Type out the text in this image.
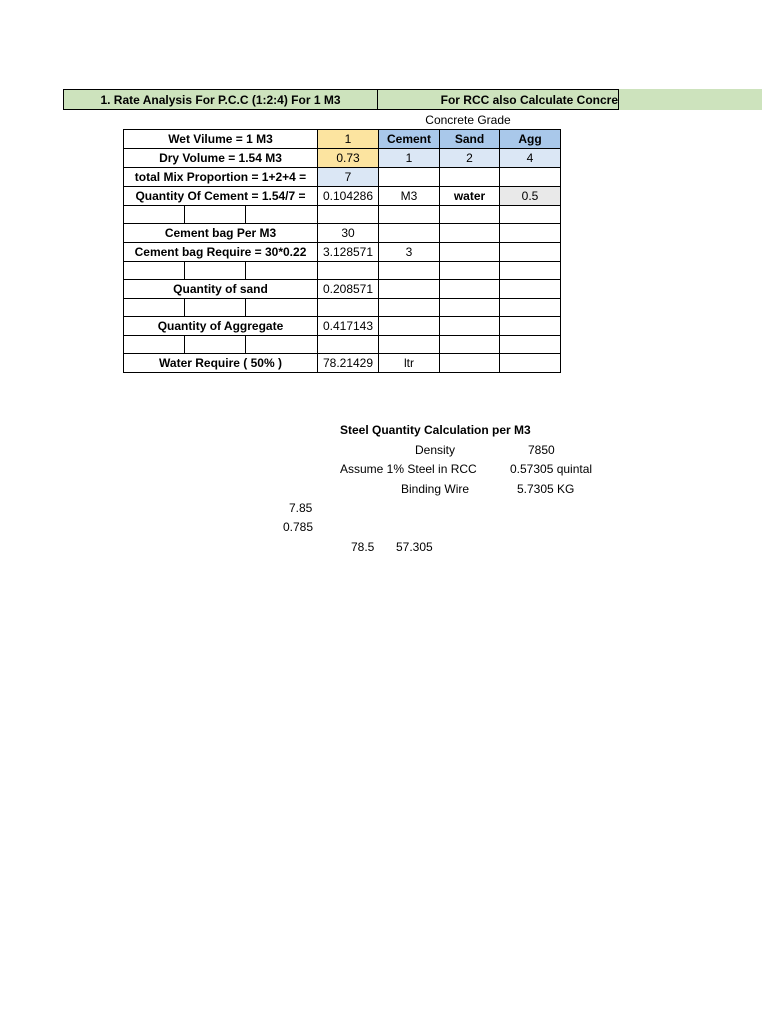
1. Rate Analysis For P.C.C (1:2:4) For 1 M3	For RCC also Calculate Concre
Concrete Grade
Wet Vilume = 1 M3			1	Cement	Sand	Agg
Dry Volume = 1.54 M3			0.73	1	2	4
total Mix Proportion = 1+2+4 =			7			
Quantity Of Cement = 1.54/7 =			0.104286	M3	water	0.5

Cement bag Per M3			30			
Cement bag Require = 30*0.22			3.128571	3		

Quantity of sand			0.208571			

Quantity of Aggregate			0.417143			

Water Require ( 50% )			78.21429	ltr		
Steel Quantity Calculation per M3
Density	7850
Assume 1% Steel in RCC	0.57305 quintal
Binding Wire	5.7305 KG
7.85
0.785
78.5 57.305
